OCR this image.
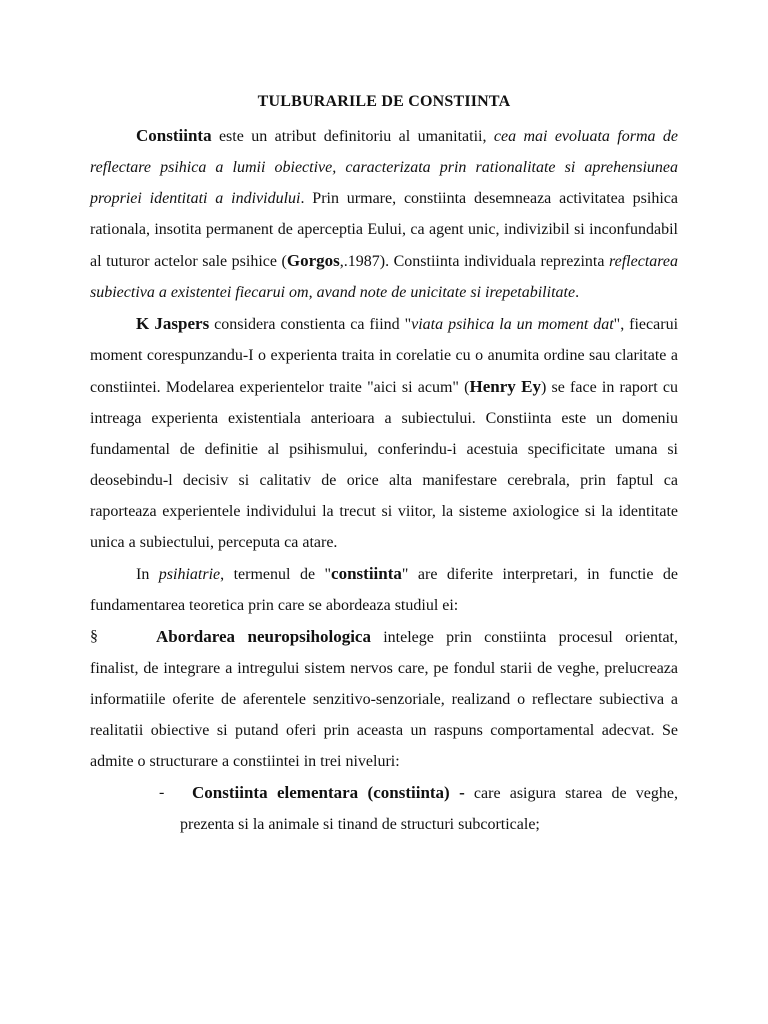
TULBURARILE DE CONSTIINTA

Constiinta este un atribut definitoriu al umanitatii, cea mai evoluata forma de reflectare psihica a lumii obiective, caracterizata prin rationalitate si aprehensiunea propriei identitati a individului. Prin urmare, constiinta desemneaza activitatea psihica rationala, insotita permanent de aperceptia Eului, ca agent unic, indivizibil si inconfundabil al tuturor actelor sale psihice (Gorgos,.1987). Constiinta individuala reprezinta reflectarea subiectiva a existentei fiecarui om, avand note de unicitate si irepetabilitate.

K Jaspers considera constienta ca fiind "viata psihica la un moment dat", fiecarui moment corespunzandu-I o experienta traita in corelatie cu o anumita ordine sau claritate a constiintei. Modelarea experientelor traite "aici si acum" (Henry Ey) se face in raport cu intreaga experienta existentiala anterioara a subiectului. Constiinta este un domeniu fundamental de definitie al psihismului, conferindu-i acestuia specificitate umana si deosebindu-l decisiv si calitativ de orice alta manifestare cerebrala, prin faptul ca raporteaza experientele individului la trecut si viitor, la sisteme axiologice si la identitate unica a subiectului, perceputa ca atare.

In psihiatrie, termenul de "constiinta" are diferite interpretari, in functie de fundamentarea teoretica prin care se abordeaza studiul ei:

§	Abordarea neuropsihologica intelege prin constiinta procesul orientat, finalist, de integrare a intregului sistem nervos care, pe fondul starii de veghe, prelucreaza informatiile oferite de aferentele senzitivo-senzoriale, realizand o reflectare subiectiva a realitatii obiective si putand oferi prin aceasta un raspuns comportamental adecvat. Se admite o structurare a constiintei in trei niveluri:

-	Constiinta elementara (constiinta) - care asigura starea de veghe, prezenta si la animale si tinand de structuri subcorticale;
